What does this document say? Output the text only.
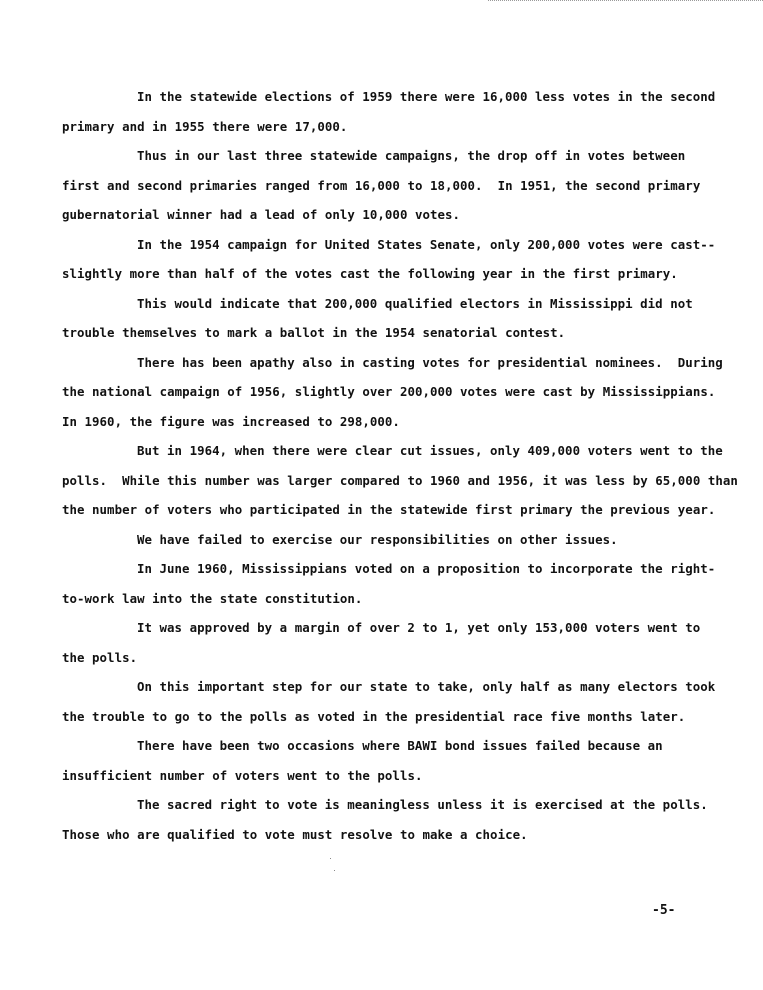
In the statewide elections of 1959 there were 16,000 less votes in the second
primary and in 1955 there were 17,000.
Thus in our last three statewide campaigns, the drop off in votes between
first and second primaries ranged from 16,000 to 18,000.  In 1951, the second primary
gubernatorial winner had a lead of only 10,000 votes.
In the 1954 campaign for United States Senate, only 200,000 votes were cast--
slightly more than half of the votes cast the following year in the first primary.
This would indicate that 200,000 qualified electors in Mississippi did not
trouble themselves to mark a ballot in the 1954 senatorial contest.
There has been apathy also in casting votes for presidential nominees.  During
the national campaign of 1956, slightly over 200,000 votes were cast by Mississippians.
In 1960, the figure was increased to 298,000.
But in 1964, when there were clear cut issues, only 409,000 voters went to the
polls.  While this number was larger compared to 1960 and 1956, it was less by 65,000 than
the number of voters who participated in the statewide first primary the previous year.
We have failed to exercise our responsibilities on other issues.
In June 1960, Mississippians voted on a proposition to incorporate the right-
to-work law into the state constitution.
It was approved by a margin of over 2 to 1, yet only 153,000 voters went to
the polls.
On this important step for our state to take, only half as many electors took
the trouble to go to the polls as voted in the presidential race five months later.
There have been two occasions where BAWI bond issues failed because an
insufficient number of voters went to the polls.
The sacred right to vote is meaningless unless it is exercised at the polls.
Those who are qualified to vote must resolve to make a choice.
-5-
